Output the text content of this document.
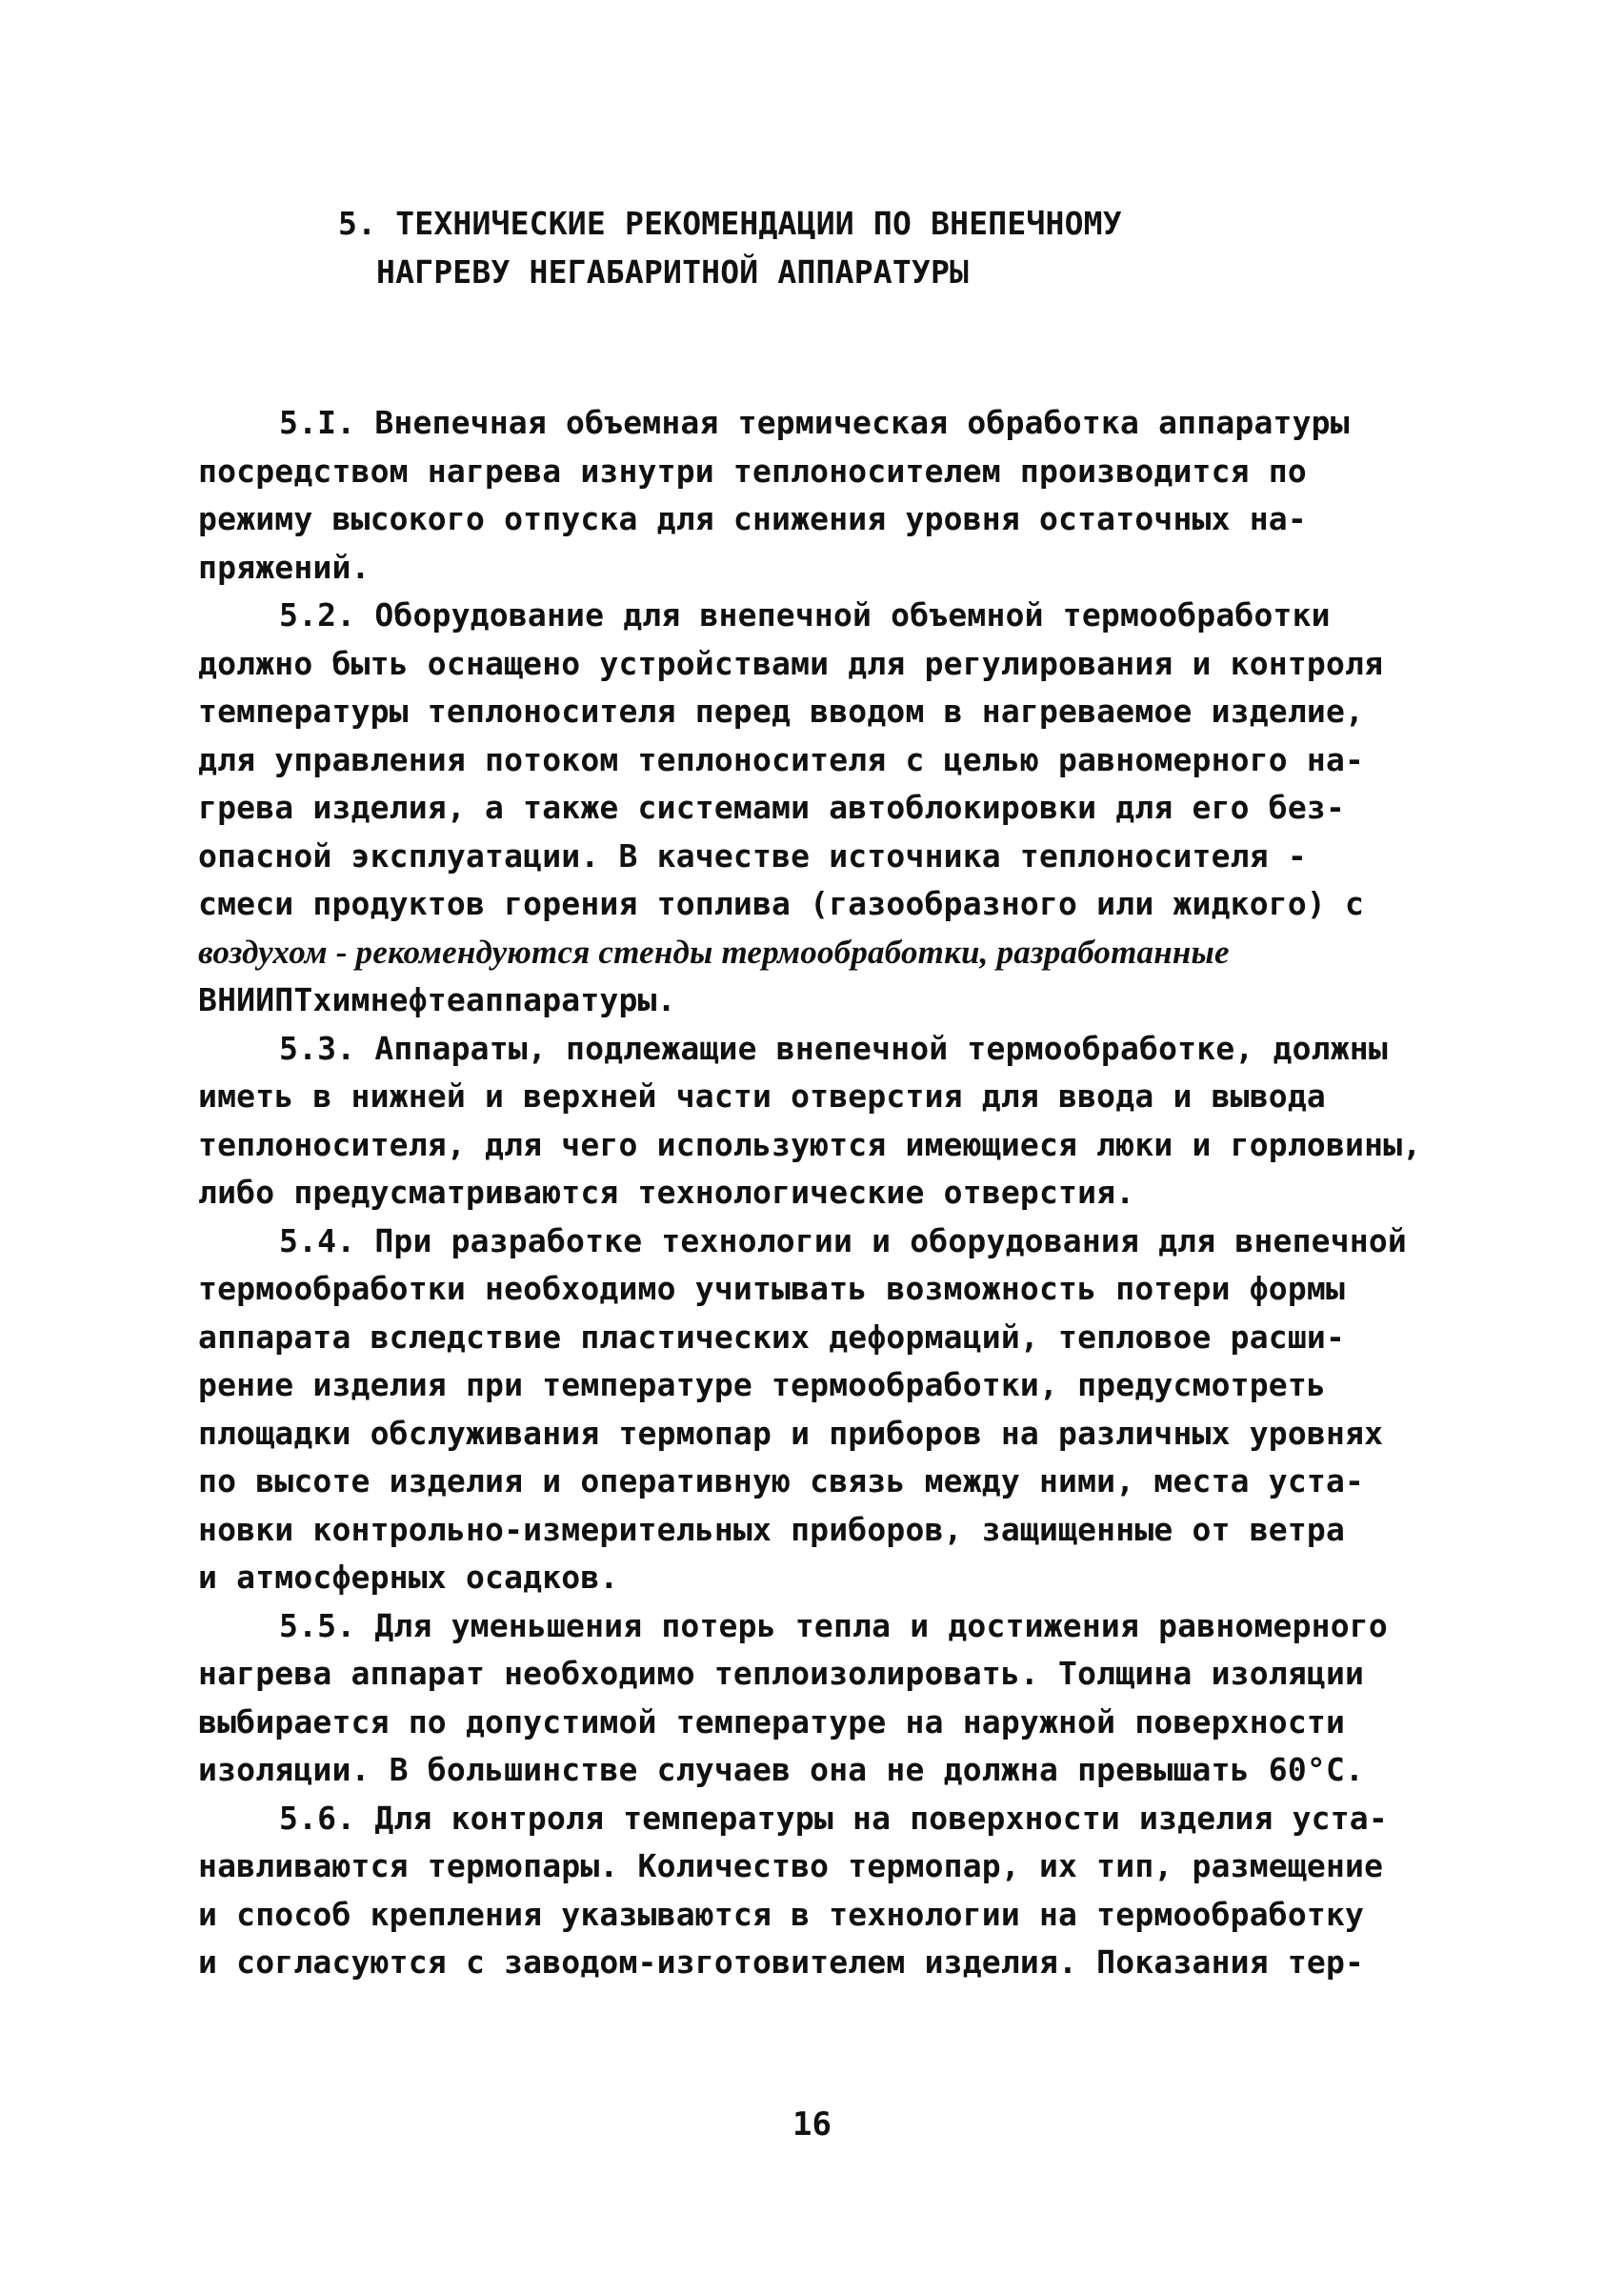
5. ТЕХНИЧЕСКИЕ РЕКОМЕНДАЦИИ ПО ВНЕПЕЧНОМУ
НАГРЕВУ НЕГАБАРИТНОЙ АППАРАТУРЫ
5.I. Внепечная объемная термическая обработка аппаратуры
посредством нагрева изнутри теплоносителем производится по
режиму высокого отпуска для снижения уровня остаточных на-
пряжений.
5.2. Оборудование для внепечной объемной термообработки
должно быть оснащено устройствами для регулирования и контроля
температуры теплоносителя перед вводом в нагреваемое изделие,
для управления потоком теплоносителя с целью равномерного на-
грева изделия, а также системами автоблокировки для его без-
опасной эксплуатации. В качестве источника теплоносителя -
смеси продуктов горения топлива (газообразного или жидкого) с
воздухом - рекомендуются стенды термообработки, разработанные
ВНИИПТхимнефтеаппаратуры.
5.3. Аппараты, подлежащие внепечной термообработке, должны
иметь в нижней и верхней части отверстия для ввода и вывода
теплоносителя, для чего используются имеющиеся люки и горловины,
либо предусматриваются технологические отверстия.
5.4. При разработке технологии и оборудования для внепечной
термообработки необходимо учитывать возможность потери формы
аппарата вследствие пластических деформаций, тепловое расши-
рение изделия при температуре термообработки, предусмотреть
площадки обслуживания термопар и приборов на различных уровнях
по высоте изделия и оперативную связь между ними, места уста-
новки контрольно-измерительных приборов, защищенные от ветра
и атмосферных осадков.
5.5. Для уменьшения потерь тепла и достижения равномерного
нагрева аппарат необходимо теплоизолировать. Толщина изоляции
выбирается по допустимой температуре на наружной поверхности
изоляции. В большинстве случаев она не должна превышать 60°С.
5.6. Для контроля температуры на поверхности изделия уста-
навливаются термопары. Количество термопар, их тип, размещение
и способ крепления указываются в технологии на термообработку
и согласуются с заводом-изготовителем изделия. Показания тер-
16
